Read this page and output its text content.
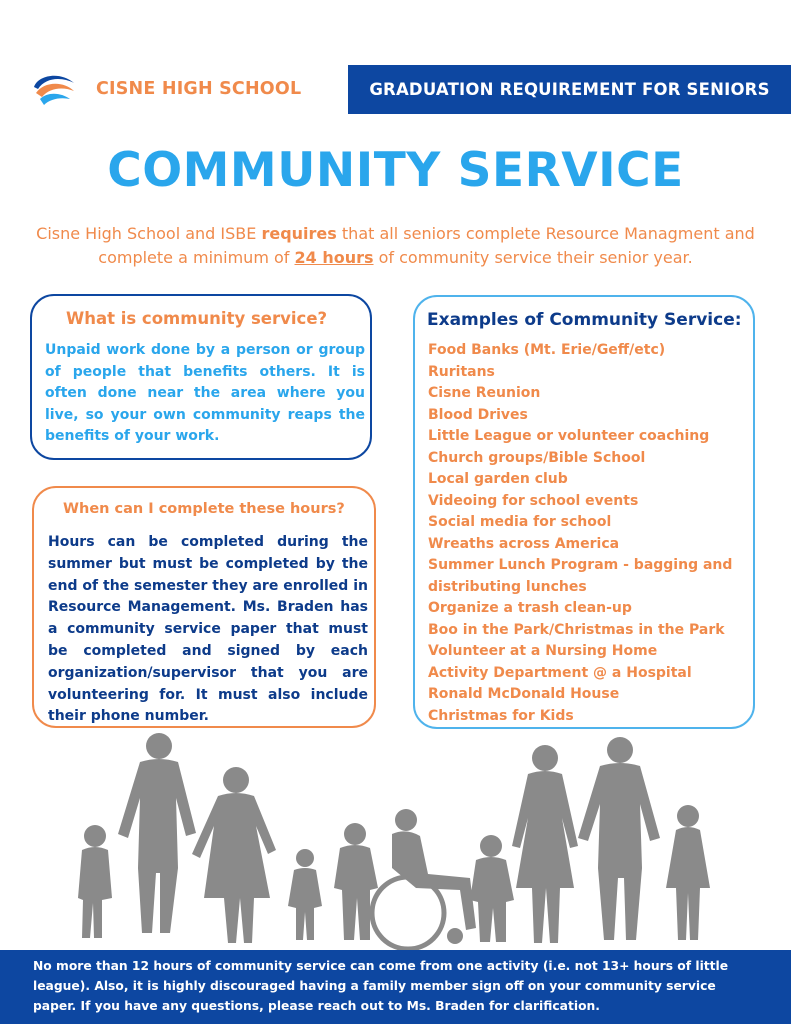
CISNE HIGH SCHOOL	GRADUATION REQUIREMENT FOR SENIORS
COMMUNITY SERVICE

Cisne High School and ISBE requires that all seniors complete Resource Managment and complete a minimum of 24 hours of community service their senior year.

What is community service?

Unpaid work done by a person or group of people that benefits others. It is often done near the area where you live, so your own community reaps the benefits of your work.

When can I complete these hours?

Hours can be completed during the summer but must be completed by the end of the semester they are enrolled in Resource Management. Ms. Braden has a community service paper that must be completed and signed by each organization/supervisor that you are volunteering for. It must also include their phone number.

Examples of Community Service:
Food Banks (Mt. Erie/Geff/etc)
Ruritans
Cisne Reunion
Blood Drives
Little League or volunteer coaching
Church groups/Bible School
Local garden club
Videoing for school events
Social media for school
Wreaths across America
Summer Lunch Program - bagging and distributing lunches
Organize a trash clean-up
Boo in the Park/Christmas in the Park
Volunteer at a Nursing Home
Activity Department @ a Hospital
Ronald McDonald House
Christmas for Kids

No more than 12 hours of community service can come from one activity (i.e. not 13+ hours of little league). Also, it is highly discouraged having a family member sign off on your community service paper. If you have any questions, please reach out to Ms. Braden for clarification.
